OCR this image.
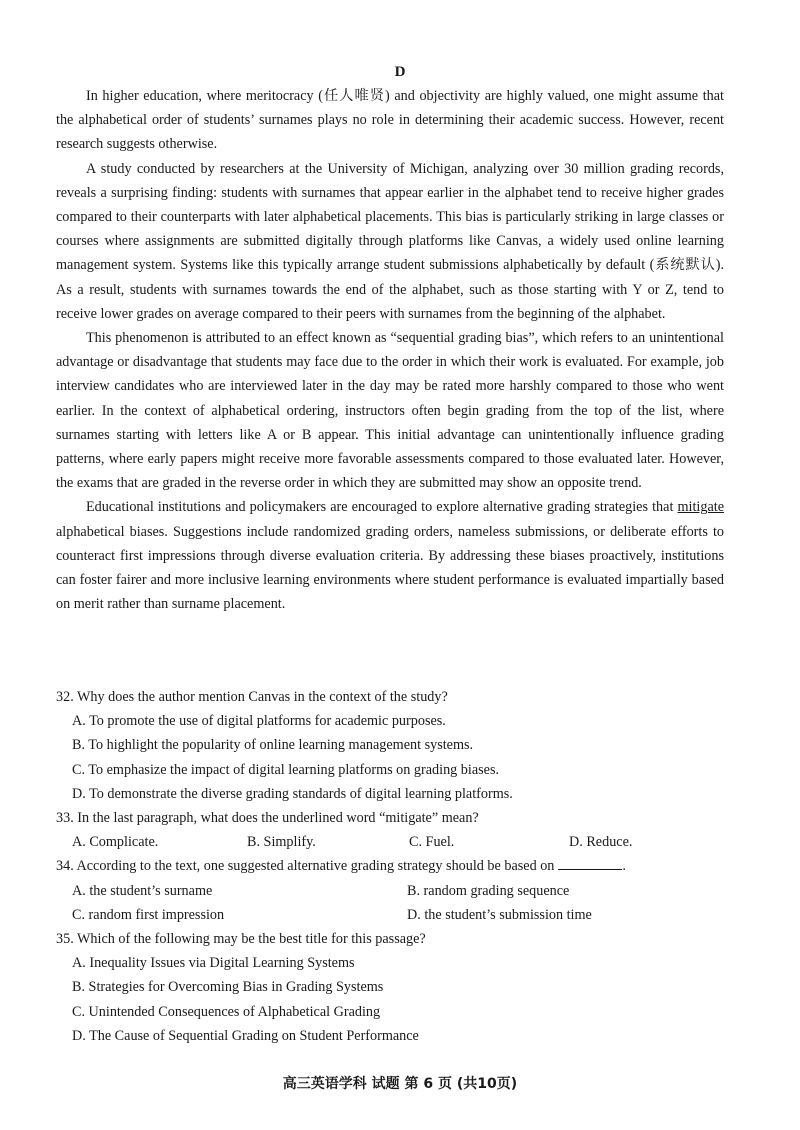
D

In higher education, where meritocracy (任人唯贤) and objectivity are highly valued, one might assume that the alphabetical order of students’ surnames plays no role in determining their academic success. However, recent research suggests otherwise.

A study conducted by researchers at the University of Michigan, analyzing over 30 million grading records, reveals a surprising finding: students with surnames that appear earlier in the alphabet tend to receive higher grades compared to their counterparts with later alphabetical placements. This bias is particularly striking in large classes or courses where assignments are submitted digitally through platforms like Canvas, a widely used online learning management system. Systems like this typically arrange student submissions alphabetically by default (系统默认). As a result, students with surnames towards the end of the alphabet, such as those starting with Y or Z, tend to receive lower grades on average compared to their peers with surnames from the beginning of the alphabet.

This phenomenon is attributed to an effect known as “sequential grading bias”, which refers to an unintentional advantage or disadvantage that students may face due to the order in which their work is evaluated. For example, job interview candidates who are interviewed later in the day may be rated more harshly compared to those who went earlier. In the context of alphabetical ordering, instructors often begin grading from the top of the list, where surnames starting with letters like A or B appear. This initial advantage can unintentionally influence grading patterns, where early papers might receive more favorable assessments compared to those evaluated later. However, the exams that are graded in the reverse order in which they are submitted may show an opposite trend.

Educational institutions and policymakers are encouraged to explore alternative grading strategies that mitigate alphabetical biases. Suggestions include randomized grading orders, nameless submissions, or deliberate efforts to counteract first impressions through diverse evaluation criteria. By addressing these biases proactively, institutions can foster fairer and more inclusive learning environments where student performance is evaluated impartially based on merit rather than surname placement.

32. Why does the author mention Canvas in the context of the study?

A. To promote the use of digital platforms for academic purposes.

B. To highlight the popularity of online learning management systems.

C. To emphasize the impact of digital learning platforms on grading biases.

D. To demonstrate the diverse grading standards of digital learning platforms.

33. In the last paragraph, what does the underlined word “mitigate” mean?

A. Complicate.	B. Simplify.	C. Fuel.	D. Reduce.

34. According to the text, one suggested alternative grading strategy should be based on	.

A. the student’s surname	B. random grading sequence
C. random first impression	D. the student’s submission time

35. Which of the following may be the best title for this passage?

A. Inequality Issues via Digital Learning Systems

B. Strategies for Overcoming Bias in Grading Systems

C. Unintended Consequences of Alphabetical Grading

D. The Cause of Sequential Grading on Student Performance

高三英语学科 试题 第 6 页 (共10页)
